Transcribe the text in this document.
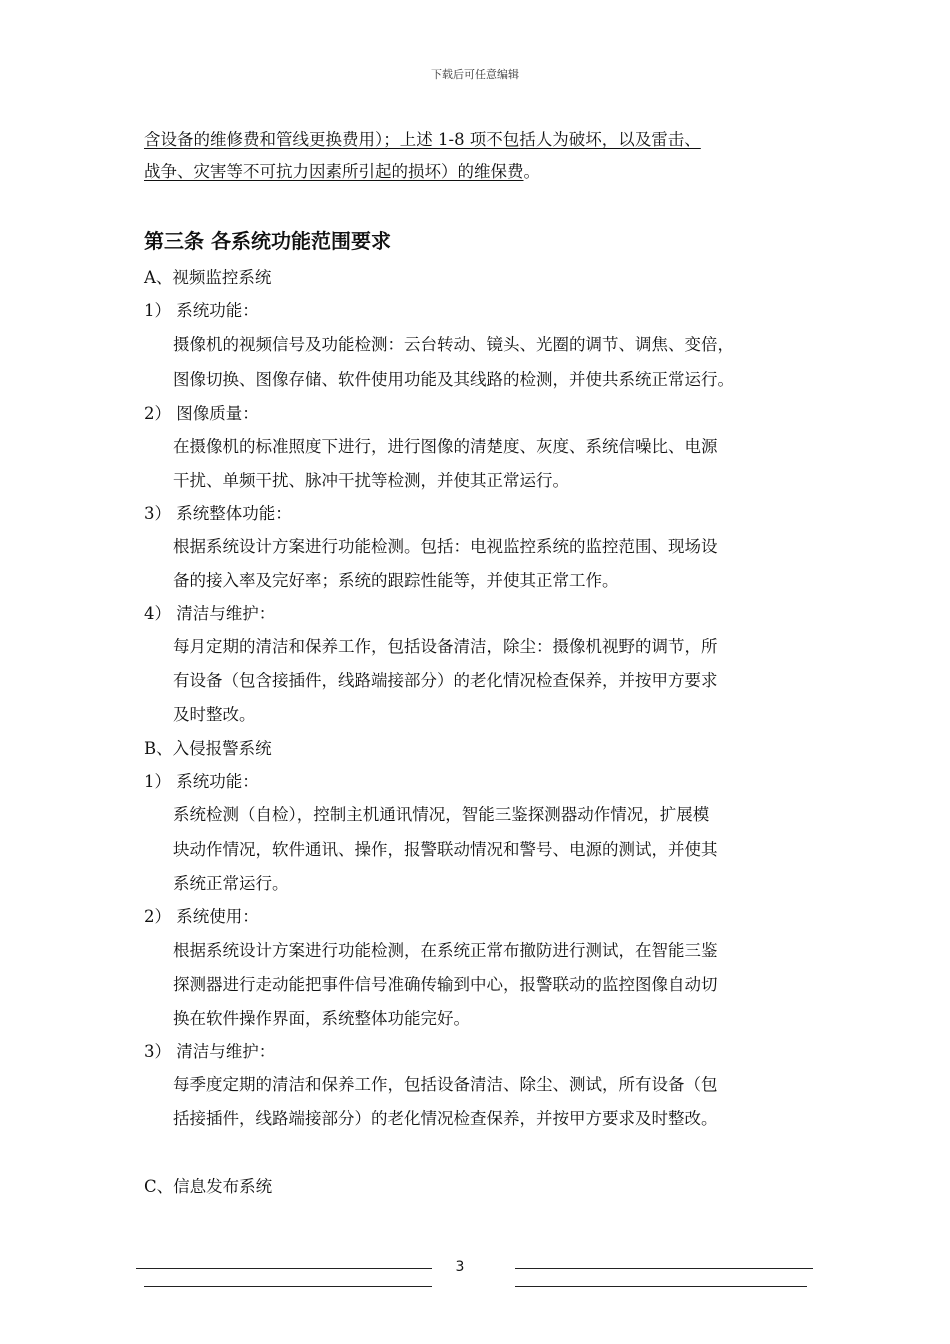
下载后可任意编辑
含设备的维修费和管线更换费用）；上述 1-8 项不包括人为破坏，以及雷击、
战争、灾害等不可抗力因素所引起的损坏）的维保费。
第三条 各系统功能范围要求
A、视频监控系统
1） 系统功能：
摄像机的视频信号及功能检测：云台转动、镜头、光圈的调节、调焦、变倍，
图像切换、图像存储、软件使用功能及其线路的检测，并使共系统正常运行。
2） 图像质量：
在摄像机的标准照度下进行，进行图像的清楚度、灰度、系统信噪比、电源
干扰、单频干扰、脉冲干扰等检测，并使其正常运行。
3） 系统整体功能：
根据系统设计方案进行功能检测。包括：电视监控系统的监控范围、现场设
备的接入率及完好率；系统的跟踪性能等，并使其正常工作。
4） 清洁与维护：
每月定期的清洁和保养工作，包括设备清洁，除尘：摄像机视野的调节，所
有设备（包含接插件，线路端接部分）的老化情况检查保养，并按甲方要求
及时整改。
B、入侵报警系统
1） 系统功能：
系统检测（自检），控制主机通讯情况，智能三鉴探测器动作情况，扩展模
块动作情况，软件通讯、操作，报警联动情况和警号、电源的测试，并使其
系统正常运行。
2） 系统使用：
根据系统设计方案进行功能检测，在系统正常布撤防进行测试，在智能三鉴
探测器进行走动能把事件信号准确传输到中心，报警联动的监控图像自动切
换在软件操作界面，系统整体功能完好。
3） 清洁与维护：
每季度定期的清洁和保养工作，包括设备清洁、除尘、测试，所有设备（包
括接插件，线路端接部分）的老化情况检查保养，并按甲方要求及时整改。
C、信息发布系统
3
